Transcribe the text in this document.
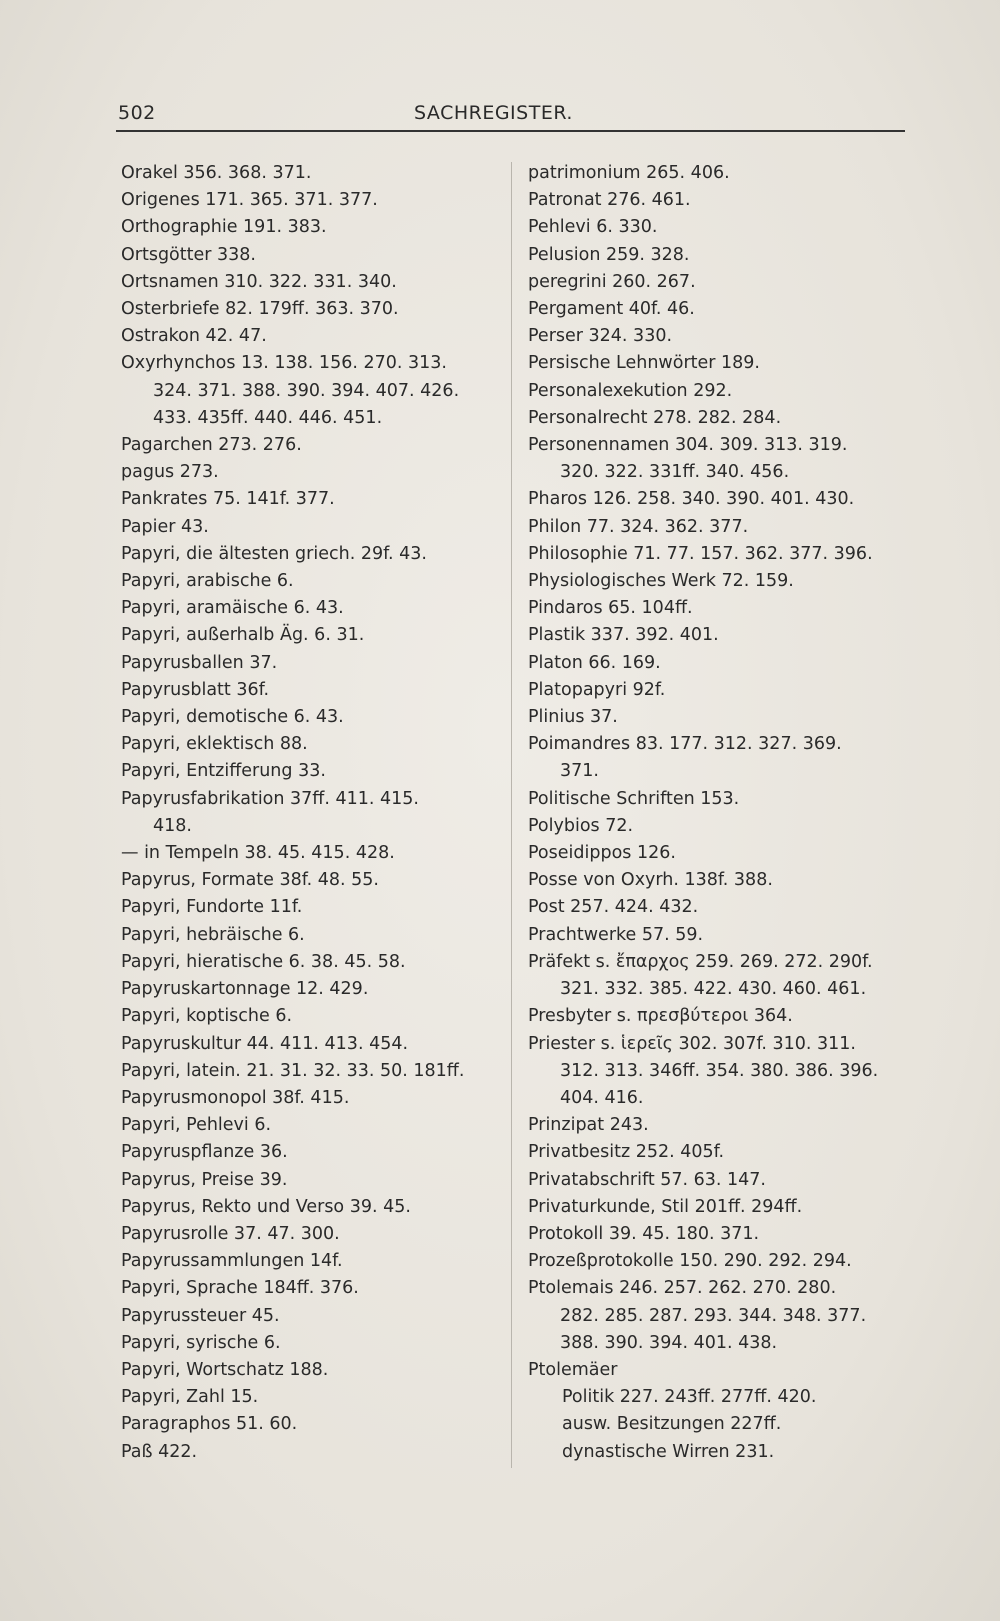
502	SACHREGISTER.
Orakel 356. 368. 371.
Origenes 171. 365. 371. 377.
Orthographie 191. 383.
Ortsgötter 338.
Ortsnamen 310. 322. 331. 340.
Osterbriefe 82. 179ff. 363. 370.
Ostrakon 42. 47.
Oxyrhynchos 13. 138. 156. 270. 313.
324. 371. 388. 390. 394. 407. 426.
433. 435ff. 440. 446. 451.
Pagarchen 273. 276.
pagus 273.
Pankrates 75. 141f. 377.
Papier 43.
Papyri, die ältesten griech. 29f. 43.
Papyri, arabische 6.
Papyri, aramäische 6. 43.
Papyri, außerhalb Äg. 6. 31.
Papyrusballen 37.
Papyrusblatt 36f.
Papyri, demotische 6. 43.
Papyri, eklektisch 88.
Papyri, Entzifferung 33.
Papyrusfabrikation 37ff. 411. 415.
418.
— in Tempeln 38. 45. 415. 428.
Papyrus, Formate 38f. 48. 55.
Papyri, Fundorte 11f.
Papyri, hebräische 6.
Papyri, hieratische 6. 38. 45. 58.
Papyruskartonnage 12. 429.
Papyri, koptische 6.
Papyruskultur 44. 411. 413. 454.
Papyri, latein. 21. 31. 32. 33. 50. 181ff.
Papyrusmonopol 38f. 415.
Papyri, Pehlevi 6.
Papyruspflanze 36.
Papyrus, Preise 39.
Papyrus, Rekto und Verso 39. 45.
Papyrusrolle 37. 47. 300.
Papyrussammlungen 14f.
Papyri, Sprache 184ff. 376.
Papyrussteuer 45.
Papyri, syrische 6.
Papyri, Wortschatz 188.
Papyri, Zahl 15.
Paragraphos 51. 60.
Paß 422.
patrimonium 265. 406.
Patronat 276. 461.
Pehlevi 6. 330.
Pelusion 259. 328.
peregrini 260. 267.
Pergament 40f. 46.
Perser 324. 330.
Persische Lehnwörter 189.
Personalexekution 292.
Personalrecht 278. 282. 284.
Personennamen 304. 309. 313. 319.
320. 322. 331ff. 340. 456.
Pharos 126. 258. 340. 390. 401. 430.
Philon 77. 324. 362. 377.
Philosophie 71. 77. 157. 362. 377. 396.
Physiologisches Werk 72. 159.
Pindaros 65. 104ff.
Plastik 337. 392. 401.
Platon 66. 169.
Platopapyri 92f.
Plinius 37.
Poimandres 83. 177. 312. 327. 369.
371.
Politische Schriften 153.
Polybios 72.
Poseidippos 126.
Posse von Oxyrh. 138f. 388.
Post 257. 424. 432.
Prachtwerke 57. 59.
Präfekt s. ἔπαρχος 259. 269. 272. 290f.
321. 332. 385. 422. 430. 460. 461.
Presbyter s. πρεσβύτεροι 364.
Priester s. ἱερεῖς 302. 307f. 310. 311.
312. 313. 346ff. 354. 380. 386. 396.
404. 416.
Prinzipat 243.
Privatbesitz 252. 405f.
Privatabschrift 57. 63. 147.
Privaturkunde, Stil 201ff. 294ff.
Protokoll 39. 45. 180. 371.
Prozeßprotokolle 150. 290. 292. 294.
Ptolemais 246. 257. 262. 270. 280.
282. 285. 287. 293. 344. 348. 377.
388. 390. 394. 401. 438.
Ptolemäer
Politik 227. 243ff. 277ff. 420.
ausw. Besitzungen 227ff.
dynastische Wirren 231.
